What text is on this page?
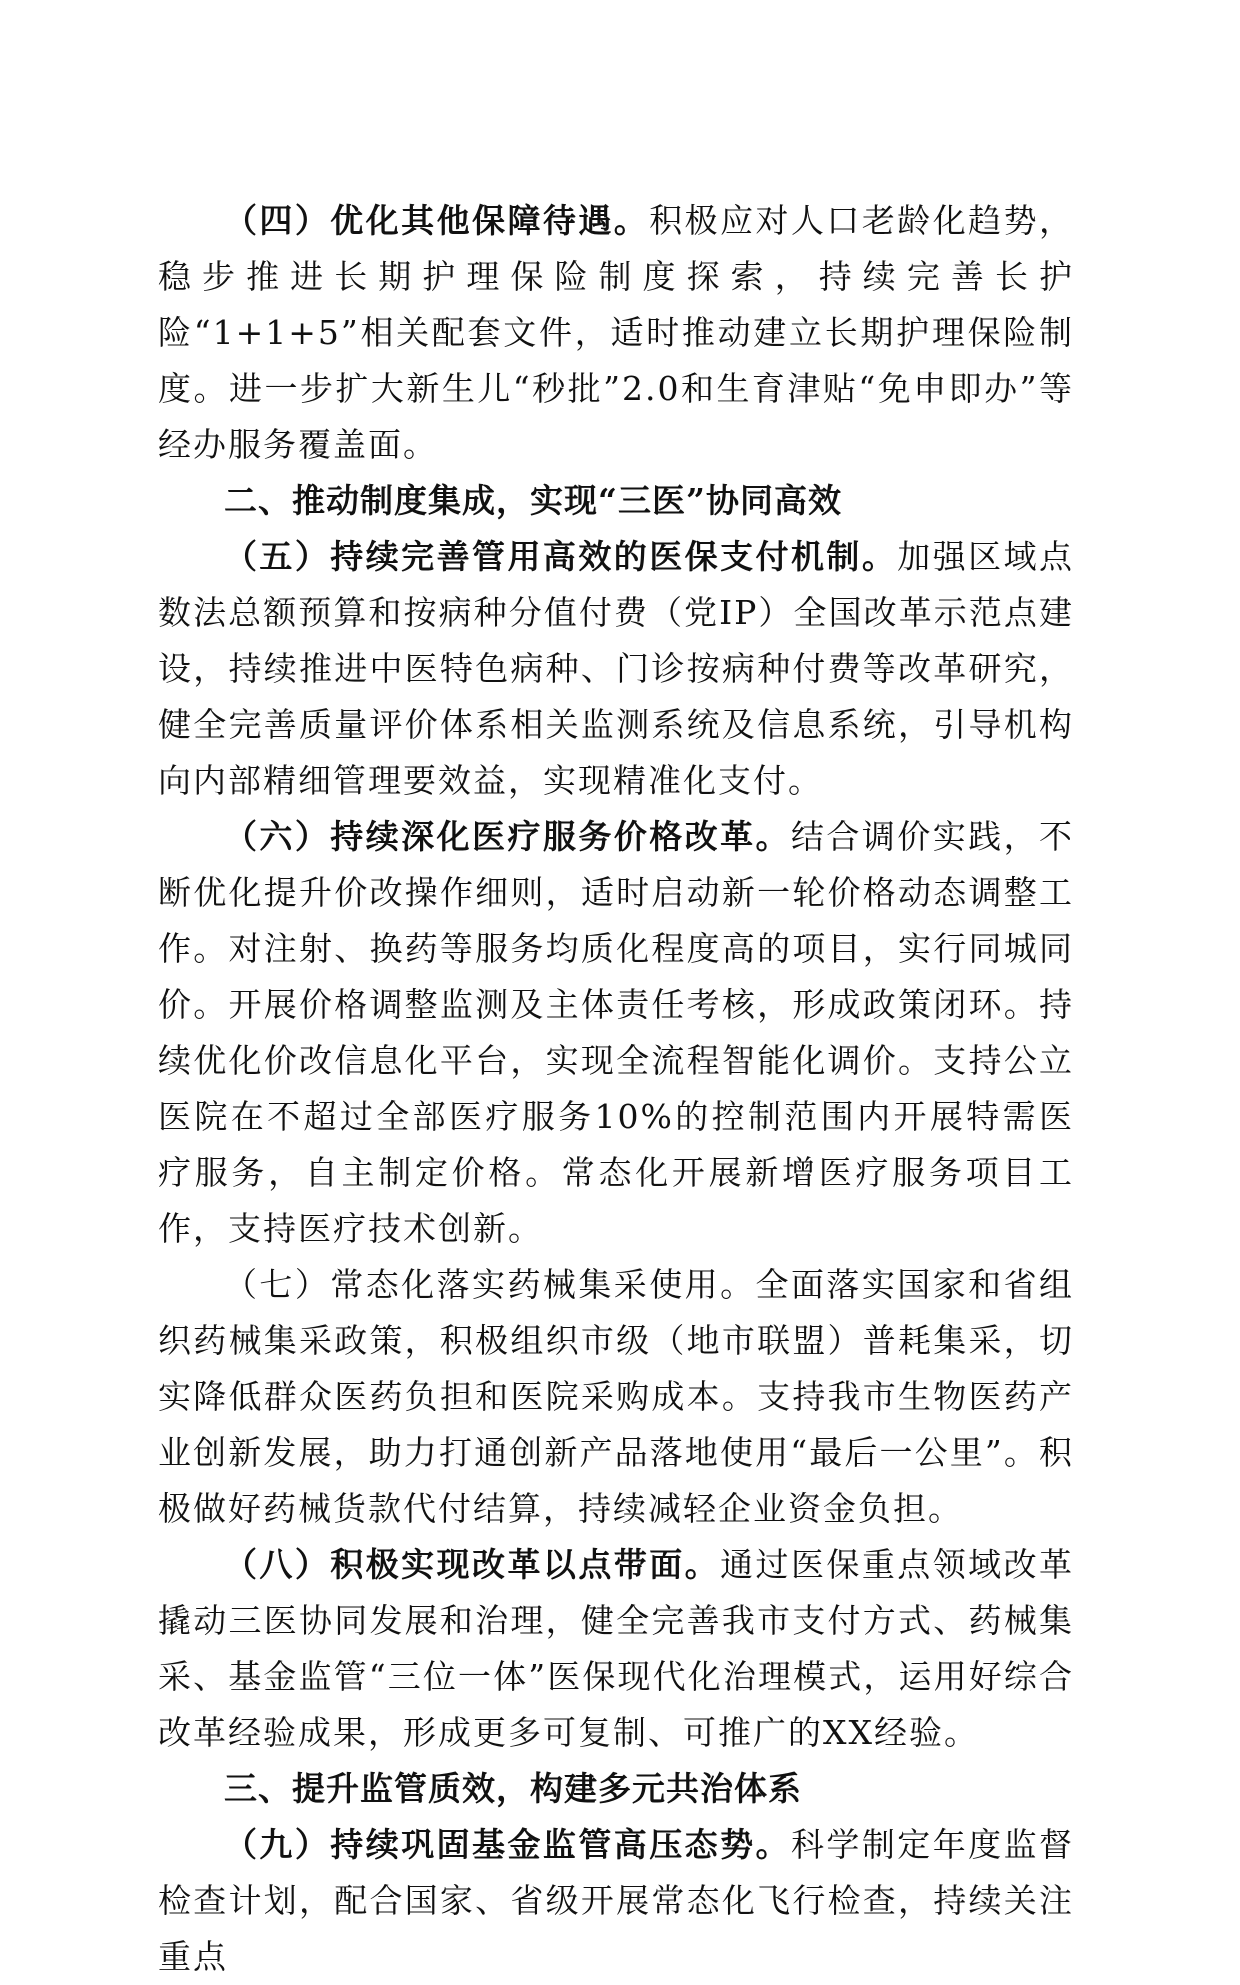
（四）优化其他保障待遇。积极应对人口老龄化趋势，稳步推进长期护理保险制度探索，持续完善长护险“1+1+5”相关配套文件，适时推动建立长期护理保险制度。进一步扩大新生儿“秒批”2.0和生育津贴“免申即办”等经办服务覆盖面。

二、推动制度集成，实现“三医”协同高效

（五）持续完善管用高效的医保支付机制。加强区域点数法总额预算和按病种分值付费（党IP）全国改革示范点建设，持续推进中医特色病种、门诊按病种付费等改革研究，健全完善质量评价体系相关监测系统及信息系统，引导机构向内部精细管理要效益，实现精准化支付。

（六）持续深化医疗服务价格改革。结合调价实践，不断优化提升价改操作细则，适时启动新一轮价格动态调整工作。对注射、换药等服务均质化程度高的项目，实行同城同价。开展价格调整监测及主体责任考核，形成政策闭环。持续优化价改信息化平台，实现全流程智能化调价。支持公立医院在不超过全部医疗服务10%的控制范围内开展特需医疗服务，自主制定价格。常态化开展新增医疗服务项目工作，支持医疗技术创新。

（七）常态化落实药械集采使用。全面落实国家和省组织药械集采政策，积极组织市级（地市联盟）普耗集采，切实降低群众医药负担和医院采购成本。支持我市生物医药产业创新发展，助力打通创新产品落地使用“最后一公里”。积极做好药械货款代付结算，持续减轻企业资金负担。

（八）积极实现改革以点带面。通过医保重点领域改革撬动三医协同发展和治理，健全完善我市支付方式、药械集采、基金监管“三位一体”医保现代化治理模式，运用好综合改革经验成果，形成更多可复制、可推广的XX经验。

三、提升监管质效，构建多元共治体系

（九）持续巩固基金监管高压态势。科学制定年度监督检查计划，配合国家、省级开展常态化飞行检查，持续关注重点
